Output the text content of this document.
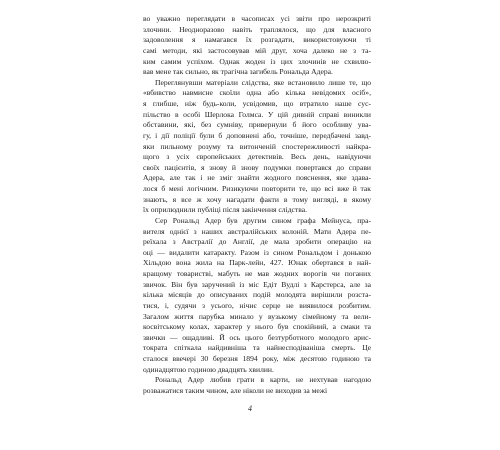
во уважно переглядати в часописах усі звіти про нерозкриті
злочини. Неодноразово навіть траплялося, що для власного
задоволення я намагався їх розгадати, використовуючи ті
самі методи, які застосовував мій друг, хоча далеко не з та-
ким самим успіхом. Однак жоден із цих злочинів не схвилю-
вав мене так сильно, як трагічна загибель Рональда Адера.
Переглянувши матеріали слідства, яке встановило лише те, що
«вбивство навмисне скоїли одна або кілька невідомих осіб»,
я глибше, ніж будь-коли, усвідомив, що втратило наше сус-
пільство в особі Шерлока Голмса. У цій дивній справі виникли
обставини, які, без сумніву, привернули б його особливу ува-
гу, і дії поліції були б доповнені або, точніше, передбачені завд-
яки пильному розуму та витонченій спостережливості найкра-
щого з усіх європейських детективів. Весь день, навідуючи
своїх пацієнтів, я знову й знову подумки повертався до справи
Адера, але так і не зміг знайти жодного пояснення, яке здава-
лося б мені логічним. Ризикуючи повторити те, що всі вже й так
знають, я все ж хочу нагадати факти в тому вигляді, в якому
їх оприлюднили публіці після закінчення слідства.
Сер Рональд Адер був другим сином графа Мейнуса, пра-
вителя однієї з наших австралійських колоній. Мати Адера пе-
реїхала з Австралії до Англії, де мала зробити операцію на
оці — видалити катаракту. Разом із сином Рональдом і донькою
Хільдою вона жила на Парк-лейн, 427. Юнак обертався в най-
кращому товаристві, мабуть не мав жодних ворогів чи поганих
звичок. Він був заручений із міс Едіт Вудлі з Карстерса, але за
кілька місяців до описуваних подій молодята вирішили розста-
тися, і, судячи з усього, нічиє серце не виявилося розбитим.
Загалом життя парубка минало у вузькому сімейному та вели-
косвітському колах, характер у нього був спокійний, а смаки та
звички — ощадливі. Й ось цього безтурботного молодого арис-
тократа спіткала найдивніша та найнесподіваніша смерть. Це
сталося ввечері 30 березня 1894 року, між десятою годиною та
одинадцятою годиною двадцять хвилин.
Рональд Адер любив грати в карти, не нехтував нагодою
розважатися таким чином, але ніколи не виходив за межі
4
